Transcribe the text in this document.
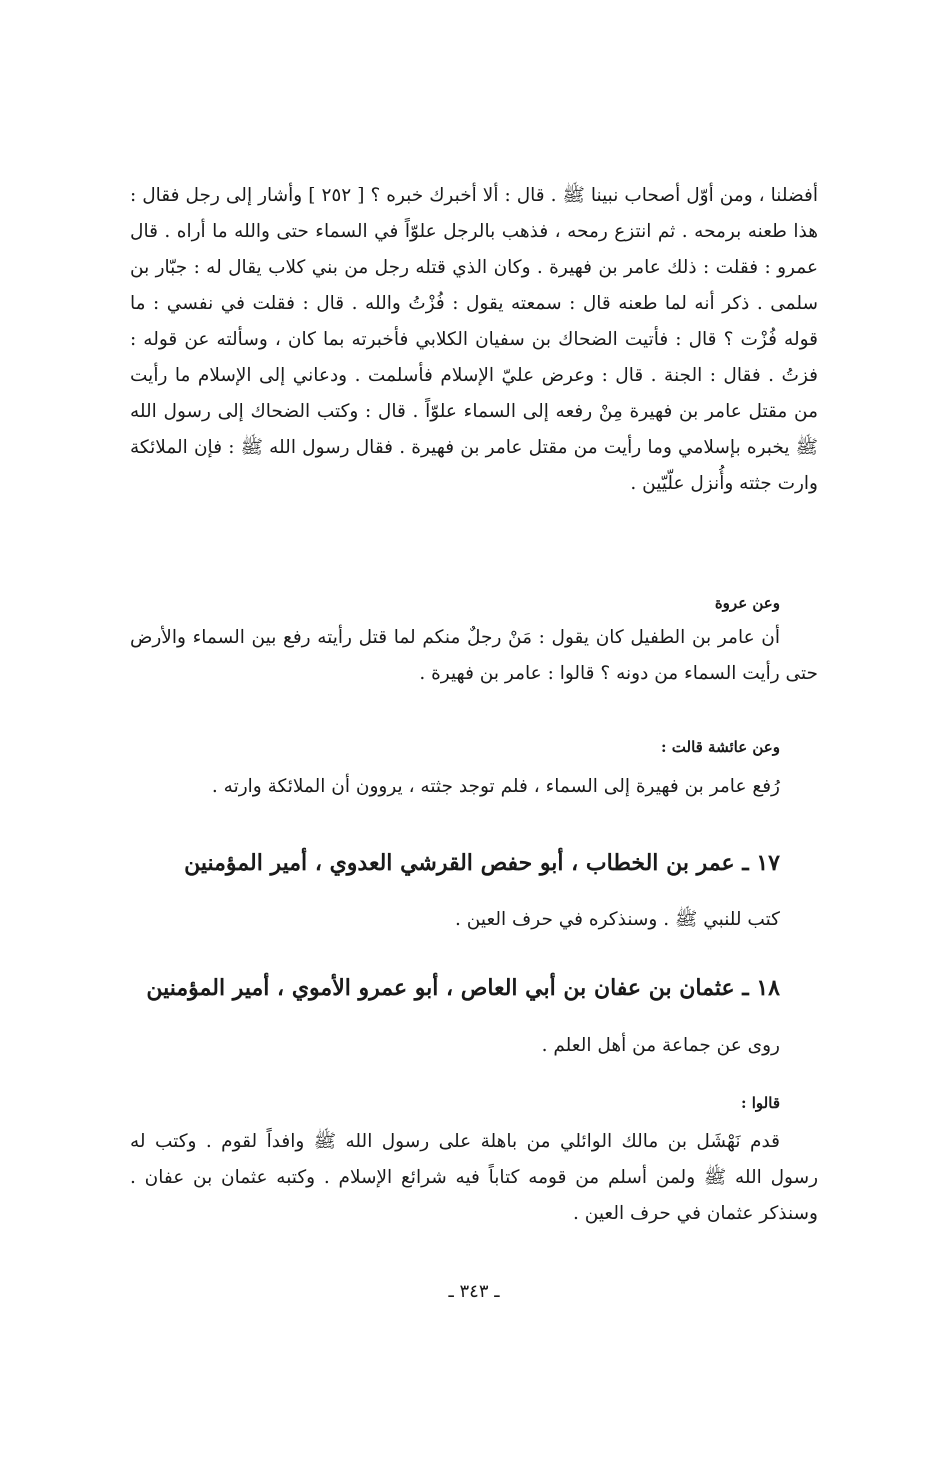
أفضلنا ، ومن أوّل أصحاب نبينا ﷺ . قال : ألا أخبرك خبره ؟ [ ٢٥٢ ] وأشار إلى رجل فقال : هذا طعنه برمحه . ثم انتزع رمحه ، فذهب بالرجل علوّاً في السماء حتى والله ما أراه . قال عمرو : فقلت : ذلك عامر بن فهيرة . وكان الذي قتله رجل من بني كلاب يقال له : جبّار بن سلمى . ذكر أنه لما طعنه قال : سمعته يقول : فُزْتُ والله . قال : فقلت في نفسي : ما قوله فُزْت ؟ قال : فأتيت الضحاك بن سفيان الكلابي فأخبرته بما كان ، وسألته عن قوله : فزتُ . فقال : الجنة . قال : وعرض عليّ الإسلام فأسلمت . ودعاني إلى الإسلام ما رأيت من مقتل عامر بن فهيرة مِنْ رفعه إلى السماء علوّاً . قال : وكتب الضحاك إلى رسول الله ﷺ يخبره بإسلامي وما رأيت من مقتل عامر بن فهيرة . فقال رسول الله ﷺ : فإن الملائكة وارت جثته وأُنزل علّيّين .

وعن عروة

أن عامر بن الطفيل كان يقول : مَنْ رجلٌ منكم لما قتل رأيته رفع بين السماء والأرض حتى رأيت السماء من دونه ؟ قالوا : عامر بن فهيرة .

وعن عائشة قالت :

رُفع عامر بن فهيرة إلى السماء ، فلم توجد جثته ، يروون أن الملائكة وارته .

١٧ ـ عمر بن الخطاب ، أبو حفص القرشي العدوي ، أمير المؤمنين

كتب للنبي ﷺ . وسنذكره في حرف العين .

١٨ ـ عثمان بن عفان بن أبي العاص ، أبو عمرو الأموي ، أمير المؤمنين

روى عن جماعة من أهل العلم .

قالوا :

قدم نَهْشَل بن مالك الوائلي من باهلة على رسول الله ﷺ وافداً لقوم . وكتب له رسول الله ﷺ ولمن أسلم من قومه كتاباً فيه شرائع الإسلام . وكتبه عثمان بن عفان . وسنذكر عثمان في حرف العين .

ـ ٣٤٣ ـ
